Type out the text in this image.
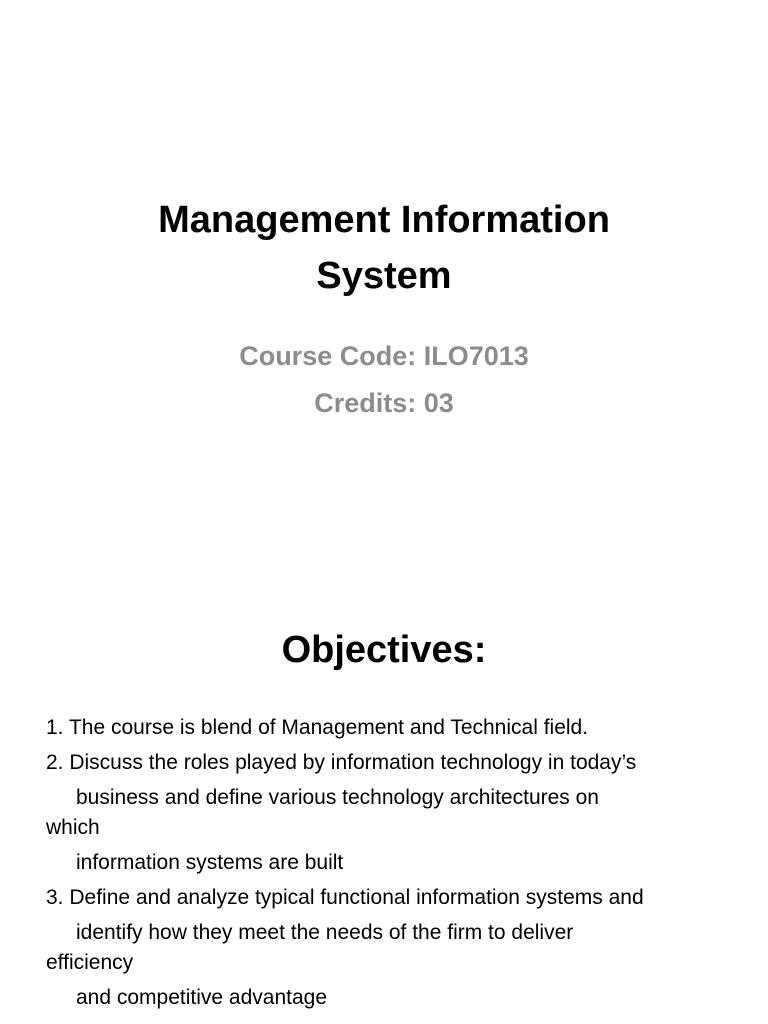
Management Information
System
Course Code: ILO7013
Credits: 03
Objectives:
1. The course is blend of Management and Technical field.
2. Discuss the roles played by information technology in today’s
business and define various technology architectures on
which
information systems are built
3. Define and analyze typical functional information systems and
identify how they meet the needs of the firm to deliver
efficiency
and competitive advantage
